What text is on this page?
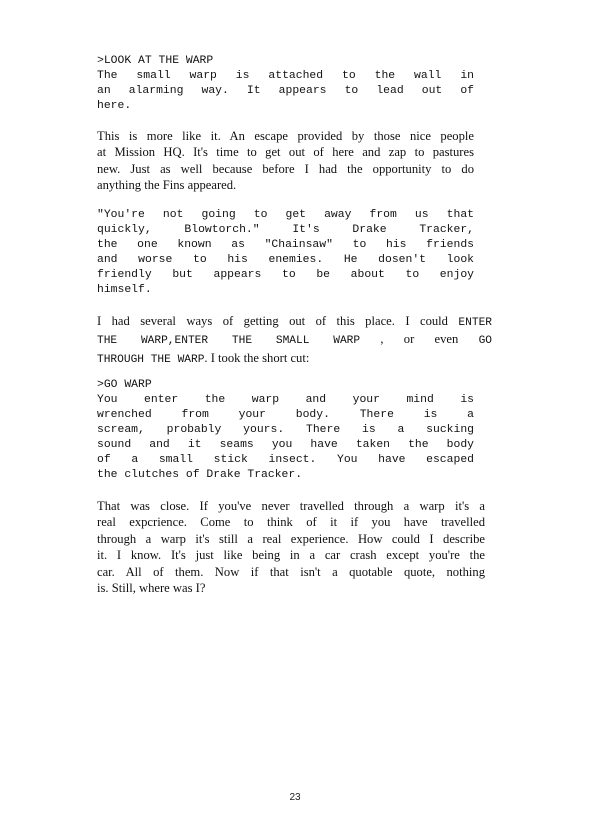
>LOOK AT THE WARP
The small warp is attached to the wall in
an alarming way. It appears to lead out of
here.
This is more like it. An escape provided by those nice people
at Mission HQ. It's time to get out of here and zap to pastures
new. Just as well because before I had the opportunity to do
anything the Fins appeared.
"You're not going to get away from us that
quickly, Blowtorch." It's Drake Tracker,
the one known as "Chainsaw" to his friends
and worse to his enemies. He dosen't look
friendly but appears to be about to enjoy
himself.
I had several ways of getting out of this place. I could ENTER
THE WARP,ENTER THE SMALL WARP , or even GO
THROUGH THE WARP. I took the short cut:
>GO WARP
You enter the warp and your mind is
wrenched from your body. There is a
scream, probably yours. There is a sucking
sound and it seams you have taken the body
of a small stick insect. You have escaped
the clutches of Drake Tracker.
That was close. If you've never travelled through a warp it's a
real expcrience. Come to think of it if you have travelled
through a warp it's still a real experience. How could I describe
it. I know. It's just like being in a car crash except you're the
car. All of them. Now if that isn't a quotable quote, nothing
is. Still, where was I?
23
